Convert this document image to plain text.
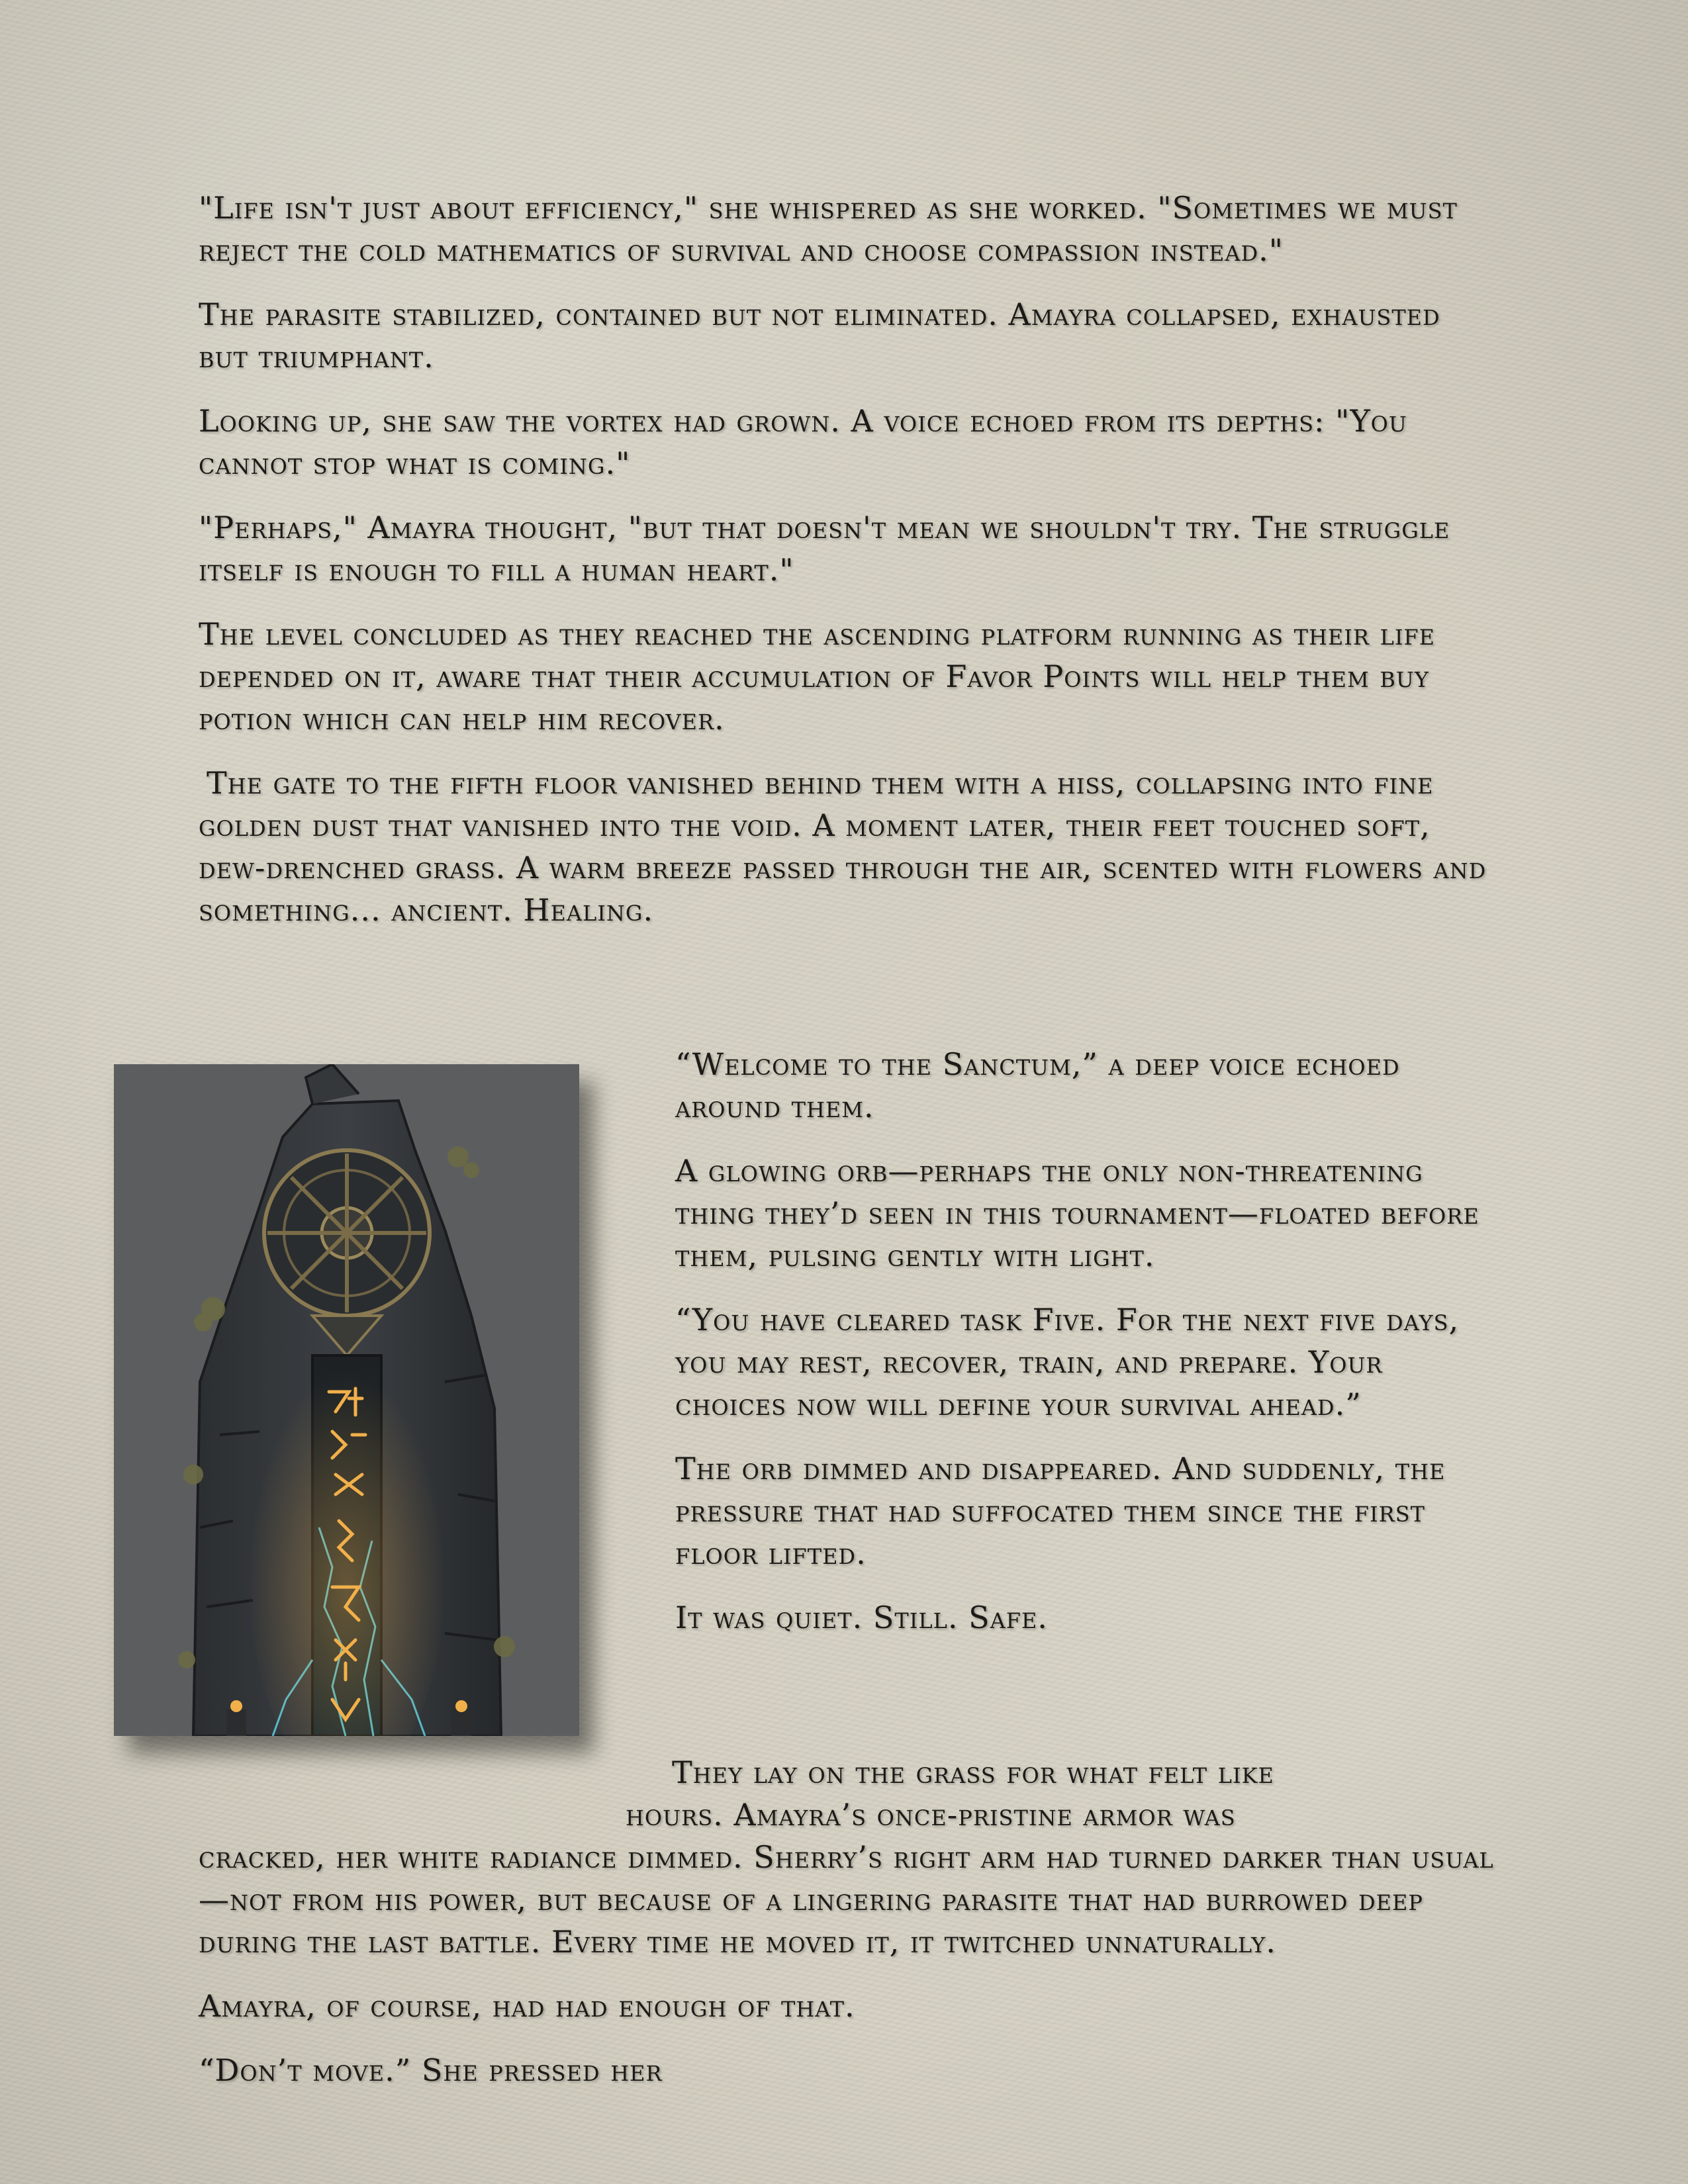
"Life isn't just about efficiency," she whispered as she worked. "Sometimes we must reject the cold mathematics of survival and choose compassion instead."

The parasite stabilized, contained but not eliminated. Amayra collapsed, exhausted but triumphant.

Looking up, she saw the vortex had grown. A voice echoed from its depths: "You cannot stop what is coming."

"Perhaps," Amayra thought, "but that doesn't mean we shouldn't try. The struggle itself is enough to fill a human heart."

The level concluded as they reached the ascending platform running as their life depended on it, aware that their accumulation of Favor Points will help them buy potion which can help him recover.

The gate to the fifth floor vanished behind them with a hiss, collapsing into fine golden dust that vanished into the void. A moment later, their feet touched soft, dew-drenched grass. A warm breeze passed through the air, scented with flowers and something... ancient. Healing.

“Welcome to the Sanctum,” a deep voice echoed around them.

A glowing orb—perhaps the only non-threatening thing they’d seen in this tournament—floated before them, pulsing gently with light.

“You have cleared task Five. For the next five days, you may rest, recover, train, and prepare. Your choices now will define your survival ahead.”

The orb dimmed and disappeared. And suddenly, the pressure that had suffocated them since the first floor lifted.

It was quiet. Still. Safe.

They lay on the grass for what felt like
hours. Amayra’s once-pristine armor was
cracked, her white radiance dimmed. Sherry’s right arm had turned darker than usual—not from his power, but because of a lingering parasite that had burrowed deep during the last battle. Every time he moved it, it twitched unnaturally.

Amayra, of course, had had enough of that.

“Don’t move.” She pressed her
